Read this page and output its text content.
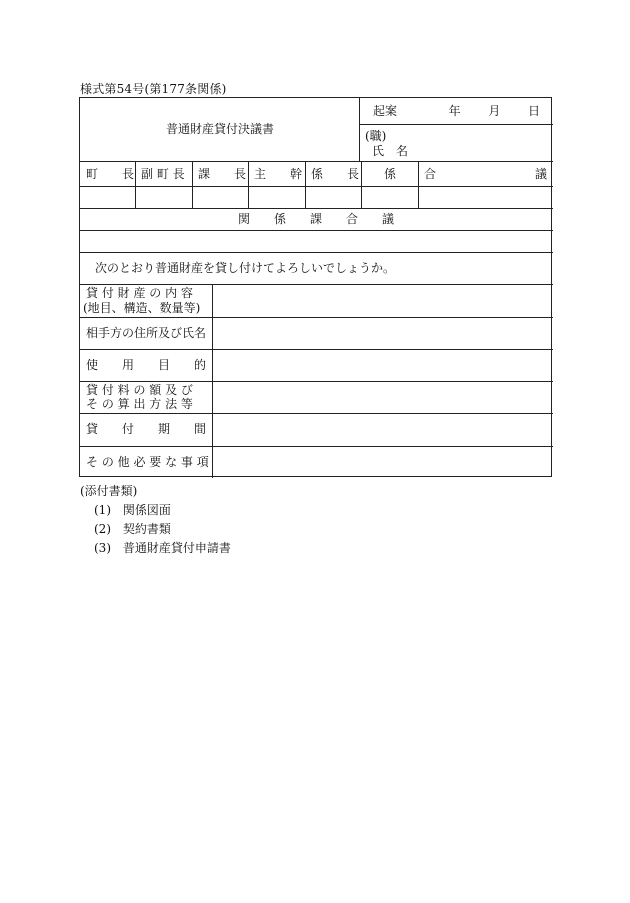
様式第54号(第177条関係)
普通財産貸付決議書
起案	年 月 日
(職)
氏　名
町　　長 副 町 長 課　　長 主　　幹 係　　長 係 合	議
関　　係　　課　　合　　議
次のとおり普通財産を貸し付けてよろしいでしょうか。
貸 付 財 産 の 内 容
(地目、構造、数量等)
相手方の住所及び氏名
使　　用　　目　　的
貸 付 料 の 額 及 び
そ の 算 出 方 法 等
貸　　付　　期　　間
そ の 他 必 要 な 事 項
(添付書類)
(1) 関係図面
(2) 契約書類
(3) 普通財産貸付申請書
